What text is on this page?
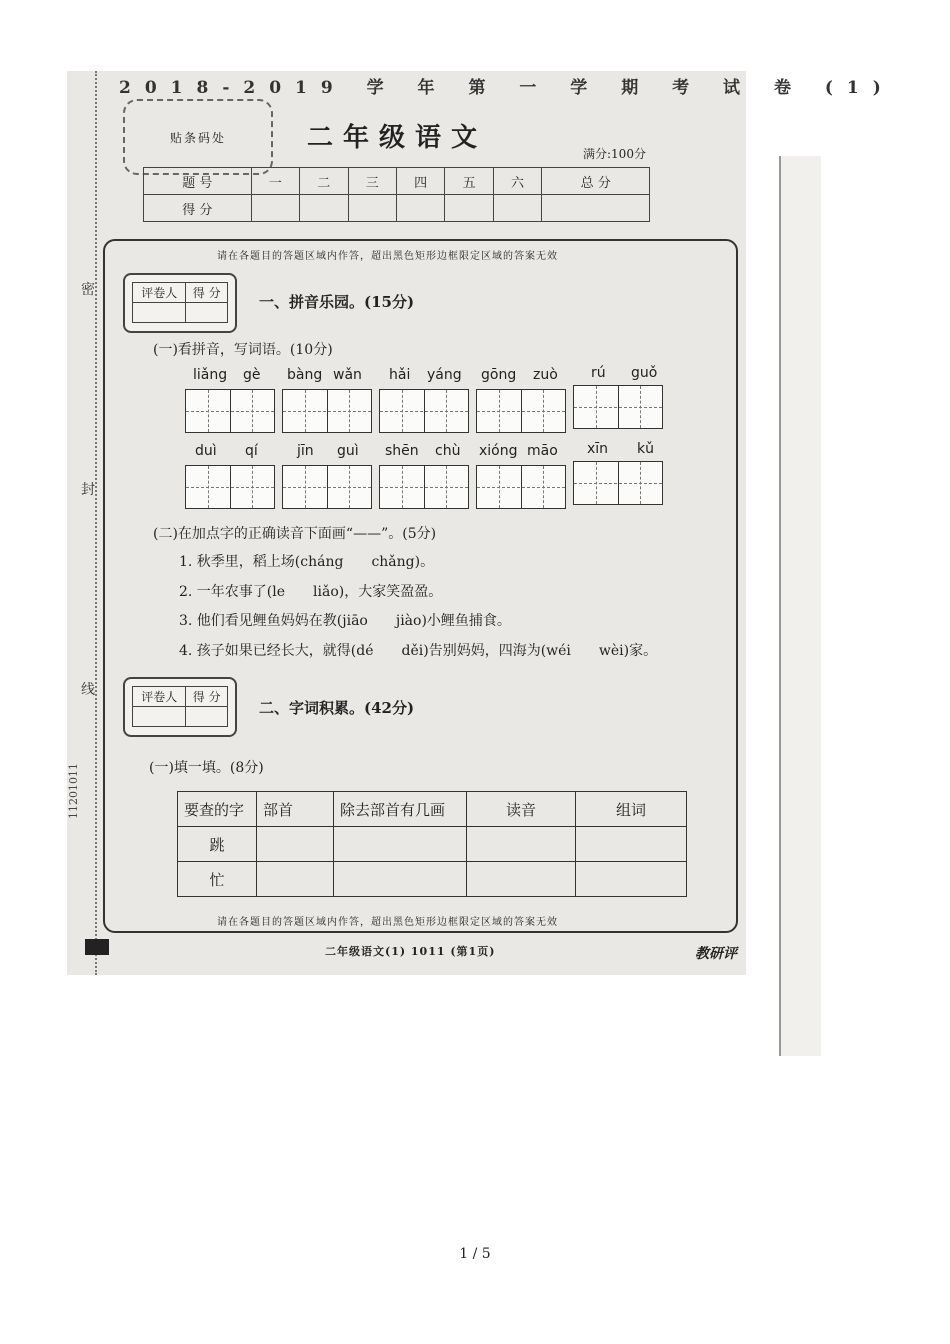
2018-2019 学 年 第 一 学 期 考 试 卷 (1)
贴条码处	二年级语文
满分:100分
题 号	一	二	三	四	五	六	总 分
得 分							
密
封
线
11201011
请在各题目的答题区域内作答，超出黑色矩形边框限定区域的答案无效
评卷人	得 分
		一、拼音乐园。(15分)
(一)看拼音，写词语。(10分)
liǎng gè bàng wǎn hǎi yáng gōng zuò rú guǒ
duì qí	jīn guì shēn chù xióng māo xīn kǔ
(二)在加点字的正确读音下面画“——”。(5分)
1. 秋季里，稻上场(cháng　　chǎng)。
2. 一年农事了(le　　liǎo)，大家笑盈盈。
3. 他们看见鲤鱼妈妈在教(jiāo　　jiào)小鲤鱼捕食。
4. 孩子如果已经长大，就得(dé　　děi)告别妈妈，四海为(wéi　　wèi)家。
评卷人	得 分

二、字词积累。(42分)
(一)填一填。(8分)
要查的字	部首	除去部首有几画	读音	组词
跳				
忙				
请在各题目的答题区域内作答，超出黑色矩形边框限定区域的答案无效
二年级语文(1) 1011 (第1页)	教研评
1 / 5
